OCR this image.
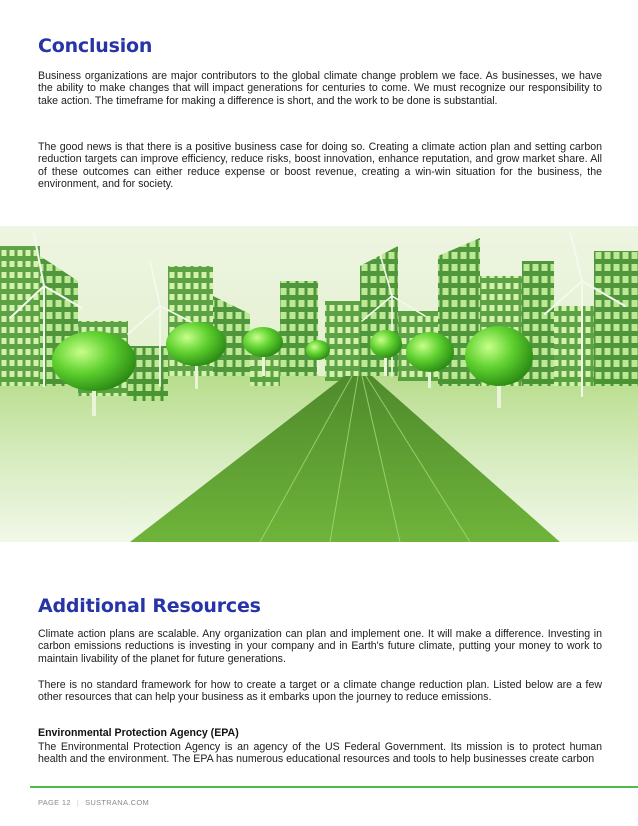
Conclusion

Business organizations are major contributors to the global climate change problem we face. As businesses, we have the ability to make changes that will impact generations for centuries to come. We must recognize our responsibility to take action. The timeframe for making a difference is short, and the work to be done is substantial.

The good news is that there is a positive business case for doing so. Creating a climate action plan and setting carbon reduction targets can improve efficiency, reduce risks, boost innovation, enhance reputation, and grow market share. All of these outcomes can either reduce expense or boost revenue, creating a win-win situation for the business, the environment, and for society.

Additional Resources

Climate action plans are scalable. Any organization can plan and implement one. It will make a difference. Investing in carbon emissions reductions is investing in your company and in Earth's future climate, putting your money to work to maintain livability of the planet for future generations.

There is no standard framework for how to create a target or a climate change reduction plan. Listed below are a few other resources that can help your business as it embarks upon the journey to reduce emissions.

Environmental Protection Agency (EPA)

The Environmental Protection Agency is an agency of the US Federal Government. Its mission is to protect human health and the environment. The EPA has numerous educational resources and tools to help businesses create carbon

PAGE 12 | SUSTRANA.COM
